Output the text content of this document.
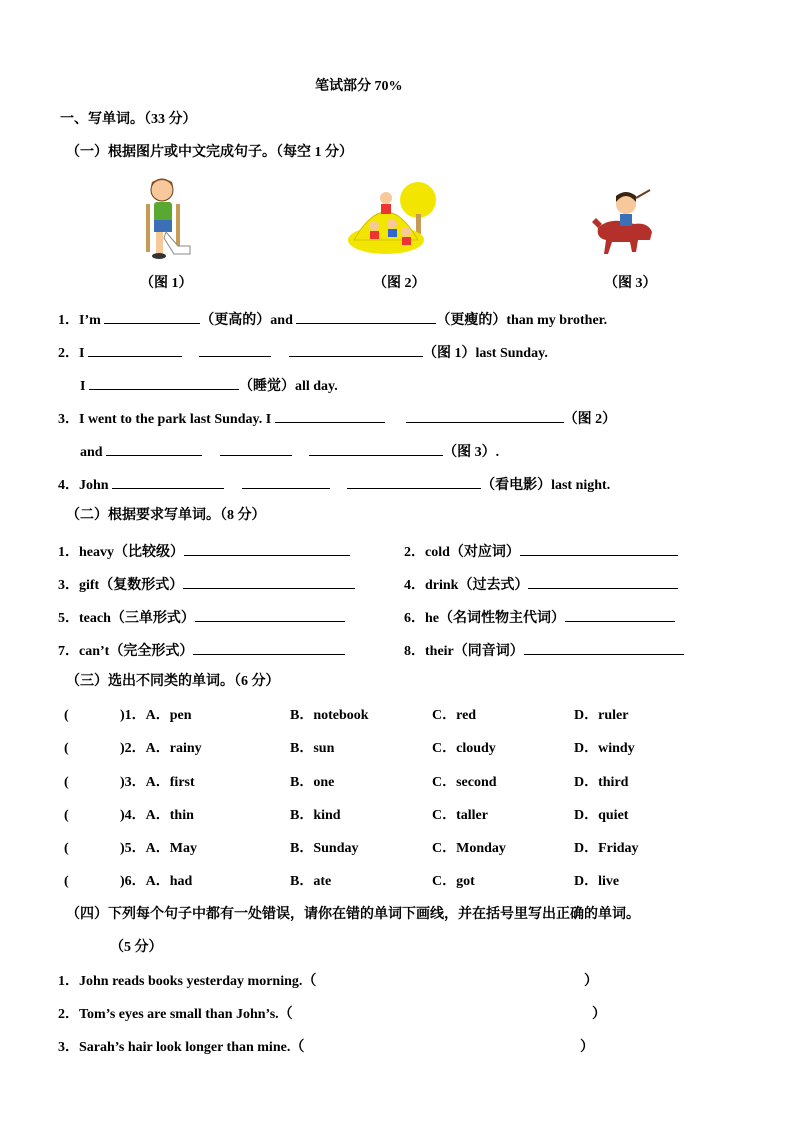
笔试部分 70%
一、写单词。（33 分）
（一）根据图片或中文完成句子。（每空 1 分）
（图 1）	（图 2）	（图 3）
1．I’m	（更高的）and	（更瘦的）than my brother.
2．I	（图 1）last Sunday.
I	（睡觉）all day.
3．I went to the park last Sunday. I	（图 2）
and	（图 3）.
4．John	（看电影）last night.
（二）根据要求写单词。（8 分）
1．heavy（比较级）	2．cold（对应词）
3．gift（复数形式）	4．drink（过去式）
5．teach（三单形式）	6．he（名词性物主代词）
7．can’t（完全形式）	8．their（同音词）
（三）选出不同类的单词。（6 分）
(	)1．A．pen	B．notebook	C．red	D．ruler
(	)2．A．rainy	B．sun	C．cloudy	D．windy
(	)3．A．first	B．one	C．second	D．third
(	)4．A．thin	B．kind	C．taller	D．quiet
(	)5．A．May	B．Sunday	C．Monday	D．Friday
(	)6．A．had	B．ate	C．got	D．live
（四）下列每个句子中都有一处错误，请你在错的单词下画线，并在括号里写出正确的单词。
（5 分）
1．John reads books yesterday morning.（	）
2．Tom’s eyes are small than John’s.（	）
3．Sarah’s hair look longer than mine.（	）
